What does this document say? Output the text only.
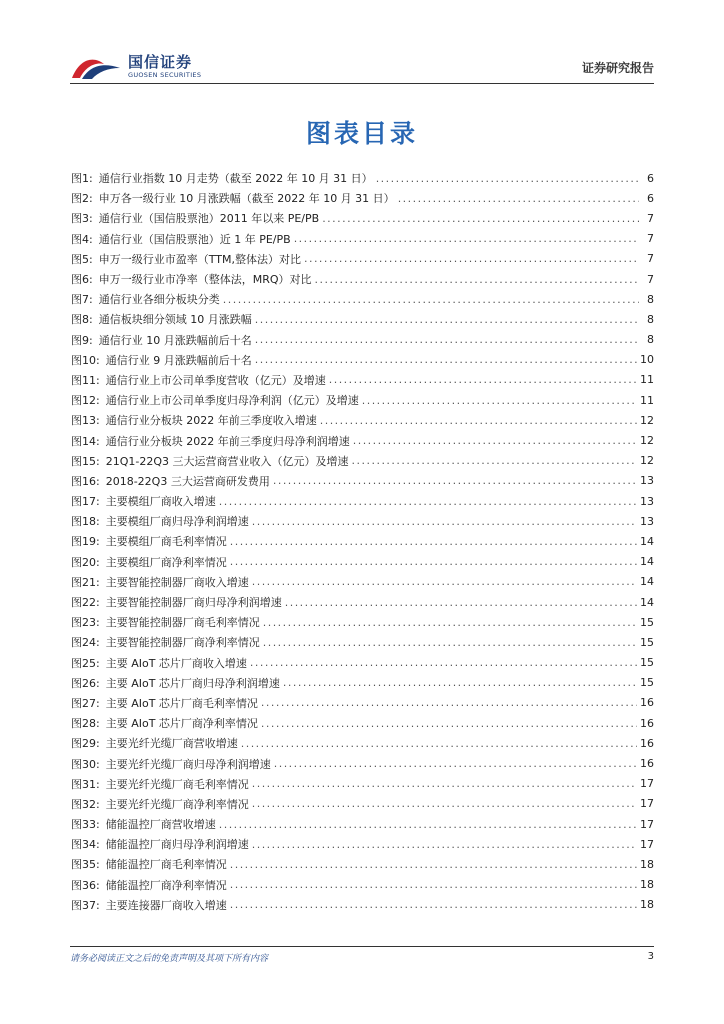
国信证券
GUOSEN SECURITIES	证券研究报告
图表目录
图1: 通信行业指数 10 月走势（截至 2022 年 10 月 31 日） . . .	6
图2: 申万各一级行业 10 月涨跌幅（截至 2022 年 10 月 31 日） . . .	6
图3: 通信行业（国信股票池）2011 年以来 PE/PB . . .	7
图4: 通信行业（国信股票池）近 1 年 PE/PB . . .	7
图5: 申万一级行业市盈率（TTM,整体法）对比 . . .	7
图6: 申万一级行业市净率（整体法，MRQ）对比 . . .	7
图7: 通信行业各细分板块分类 . . .	8
图8: 通信板块细分领域 10 月涨跌幅 . . .	8
图9: 通信行业 10 月涨跌幅前后十名 . . .	8
图10: 通信行业 9 月涨跌幅前后十名 . . .	10
图11: 通信行业上市公司单季度营收（亿元）及增速 . . .	11
图12: 通信行业上市公司单季度归母净利润（亿元）及增速 . . .	11
图13: 通信行业分板块 2022 年前三季度收入增速 . . .	12
图14: 通信行业分板块 2022 年前三季度归母净利润增速 . . .	12
图15: 21Q1-22Q3 三大运营商营业收入（亿元）及增速 . . .	12
图16: 2018-22Q3 三大运营商研发费用 . . .	13
图17: 主要模组厂商收入增速 . . .	13
图18: 主要模组厂商归母净利润增速 . . .	13
图19: 主要模组厂商毛利率情况 . . .	14
图20: 主要模组厂商净利率情况 . . .	14
图21: 主要智能控制器厂商收入增速 . . .	14
图22: 主要智能控制器厂商归母净利润增速 . . .	14
图23: 主要智能控制器厂商毛利率情况 . . .	15
图24: 主要智能控制器厂商净利率情况 . . .	15
图25: 主要 AIoT 芯片厂商收入增速 . . .	15
图26: 主要 AIoT 芯片厂商归母净利润增速 . . .	15
图27: 主要 AIoT 芯片厂商毛利率情况 . . .	16
图28: 主要 AIoT 芯片厂商净利率情况 . . .	16
图29: 主要光纤光缆厂商营收增速 . . .	16
图30: 主要光纤光缆厂商归母净利润增速 . . .	16
图31: 主要光纤光缆厂商毛利率情况 . . .	17
图32: 主要光纤光缆厂商净利率情况 . . .	17
图33: 储能温控厂商营收增速 . . .	17
图34: 储能温控厂商归母净利润增速 . . .	17
图35: 储能温控厂商毛利率情况 . . .	18
图36: 储能温控厂商净利率情况 . . .	18
图37: 主要连接器厂商收入增速 . . .	18
请务必阅读正文之后的免责声明及其项下所有内容	3
